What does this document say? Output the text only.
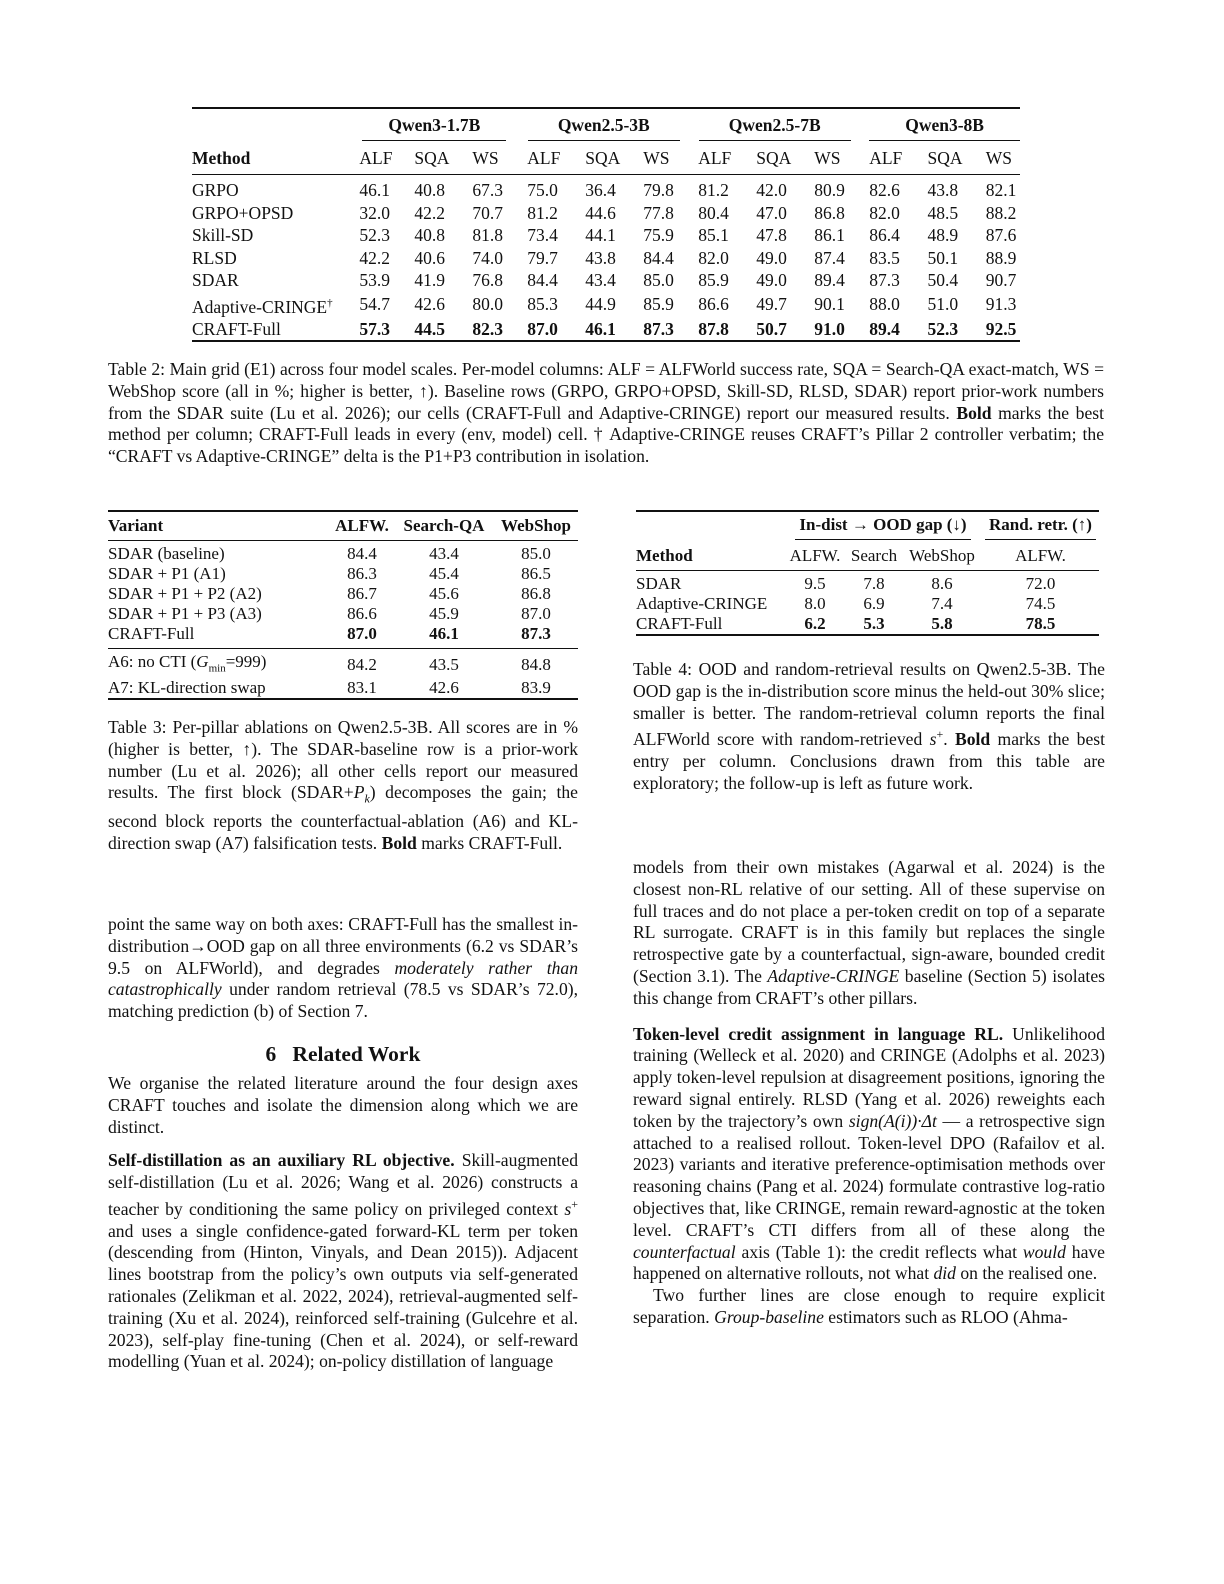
	Qwen3-1.7B			Qwen2.5-3B			Qwen2.5-7B			Qwen3-8B		
Method	ALF	SQA	WS	ALF	SQA	WS	ALF	SQA	WS	ALF	SQA	WS
GRPO	46.1	40.8	67.3	75.0	36.4	79.8	81.2	42.0	80.9	82.6	43.8	82.1
GRPO+OPSD	32.0	42.2	70.7	81.2	44.6	77.8	80.4	47.0	86.8	82.0	48.5	88.2
Skill-SD	52.3	40.8	81.8	73.4	44.1	75.9	85.1	47.8	86.1	86.4	48.9	87.6
RLSD	42.2	40.6	74.0	79.7	43.8	84.4	82.0	49.0	87.4	83.5	50.1	88.9
SDAR	53.9	41.9	76.8	84.4	43.4	85.0	85.9	49.0	89.4	87.3	50.4	90.7
Adaptive-CRINGE†	54.7	42.6	80.0	85.3	44.9	85.9	86.6	49.7	90.1	88.0	51.0	91.3
CRAFT-Full	57.3	44.5	82.3	87.0	46.1	87.3	87.8	50.7	91.0	89.4	52.3	92.5

Table 2: Main grid (E1) across four model scales. Per-model columns: ALF = ALFWorld success rate, SQA = Search-QA exact-match, WS = WebShop score (all in %; higher is better, ↑). Baseline rows (GRPO, GRPO+OPSD, Skill-SD, RLSD, SDAR) report prior-work numbers from the SDAR suite (Lu et al. 2026); our cells (CRAFT-Full and Adaptive-CRINGE) report our measured results. Bold marks the best method per column; CRAFT-Full leads in every (env, model) cell. † Adaptive-CRINGE reuses CRAFT’s Pillar 2 controller verbatim; the “CRAFT vs Adaptive-CRINGE” delta is the P1+P3 contribution in isolation.

Variant	ALFW.	Search-QA	WebShop
SDAR (baseline)	84.4	43.4	85.0
SDAR + P1 (A1)	86.3	45.4	86.5
SDAR + P1 + P2 (A2)	86.7	45.6	86.8
SDAR + P1 + P3 (A3)	86.6	45.9	87.0
CRAFT-Full	87.0	46.1	87.3
A6: no CTI $(G_{min}=999)$	84.2	43.5	84.8
A7: KL-direction swap	83.1	42.6	83.9

Table 3: Per-pillar ablations on Qwen2.5-3B. All scores are in % (higher is better, ↑). The SDAR-baseline row is a prior-work number (Lu et al. 2026); all other cells report our measured results. The first block $(SDAR+P_k)$ decomposes the gain; the second block reports the counterfactual-ablation (A6) and KL-direction swap (A7) falsification tests. Bold marks CRAFT-Full.

	In-dist → OOD gap (↓)			Rand. retr. (↑)
Method	ALFW.	Search	WebShop	ALFW.
SDAR	9.5	7.8	8.6	72.0
Adaptive-CRINGE	8.0	6.9	7.4	74.5
CRAFT-Full	6.2	5.3	5.8	78.5

Table 4: OOD and random-retrieval results on Qwen2.5-3B. The OOD gap is the in-distribution score minus the held-out 30% slice; smaller is better. The random-retrieval column reports the final ALFWorld score with random-retrieved s+. Bold marks the best entry per column. Conclusions drawn from this table are exploratory; the follow-up is left as future work.

point the same way on both axes: CRAFT-Full has the smallest in-distribution→OOD gap on all three environments (6.2 vs SDAR’s 9.5 on ALFWorld), and degrades moderately rather than catastrophically under random retrieval (78.5 vs SDAR’s 72.0), matching prediction (b) of Section 7.

6 Related Work

We organise the related literature around the four design axes CRAFT touches and isolate the dimension along which we are distinct.

Self-distillation as an auxiliary RL objective. Skill-augmented self-distillation (Lu et al. 2026; Wang et al. 2026) constructs a teacher by conditioning the same policy on privileged context s+ and uses a single confidence-gated forward-KL term per token (descending from (Hinton, Vinyals, and Dean 2015)). Adjacent lines bootstrap from the policy’s own outputs via self-generated rationales (Zelikman et al. 2022, 2024), retrieval-augmented self-training (Xu et al. 2024), reinforced self-training (Gulcehre et al. 2023), self-play fine-tuning (Chen et al. 2024), or self-reward modelling (Yuan et al. 2024); on-policy distillation of language

models from their own mistakes (Agarwal et al. 2024) is the closest non-RL relative of our setting. All of these supervise on full traces and do not place a per-token credit on top of a separate RL surrogate. CRAFT is in this family but replaces the single retrospective gate by a counterfactual, sign-aware, bounded credit (Section 3.1). The Adaptive-CRINGE baseline (Section 5) isolates this change from CRAFT’s other pillars.

Token-level credit assignment in language RL. Unlikelihood training (Welleck et al. 2020) and CRINGE (Adolphs et al. 2023) apply token-level repulsion at disagreement positions, ignoring the reward signal entirely. RLSD (Yang et al. 2026) reweights each token by the trajectory’s own sign(A(i))·Δt — a retrospective sign attached to a realised rollout. Token-level DPO (Rafailov et al. 2023) variants and iterative preference-optimisation methods over reasoning chains (Pang et al. 2024) formulate contrastive log-ratio objectives that, like CRINGE, remain reward-agnostic at the token level. CRAFT’s CTI differs from all of these along the counterfactual axis (Table 1): the credit reflects what would have happened on alternative rollouts, not what did on the realised one.

Two further lines are close enough to require explicit separation. Group-baseline estimators such as RLOO (Ahma-
